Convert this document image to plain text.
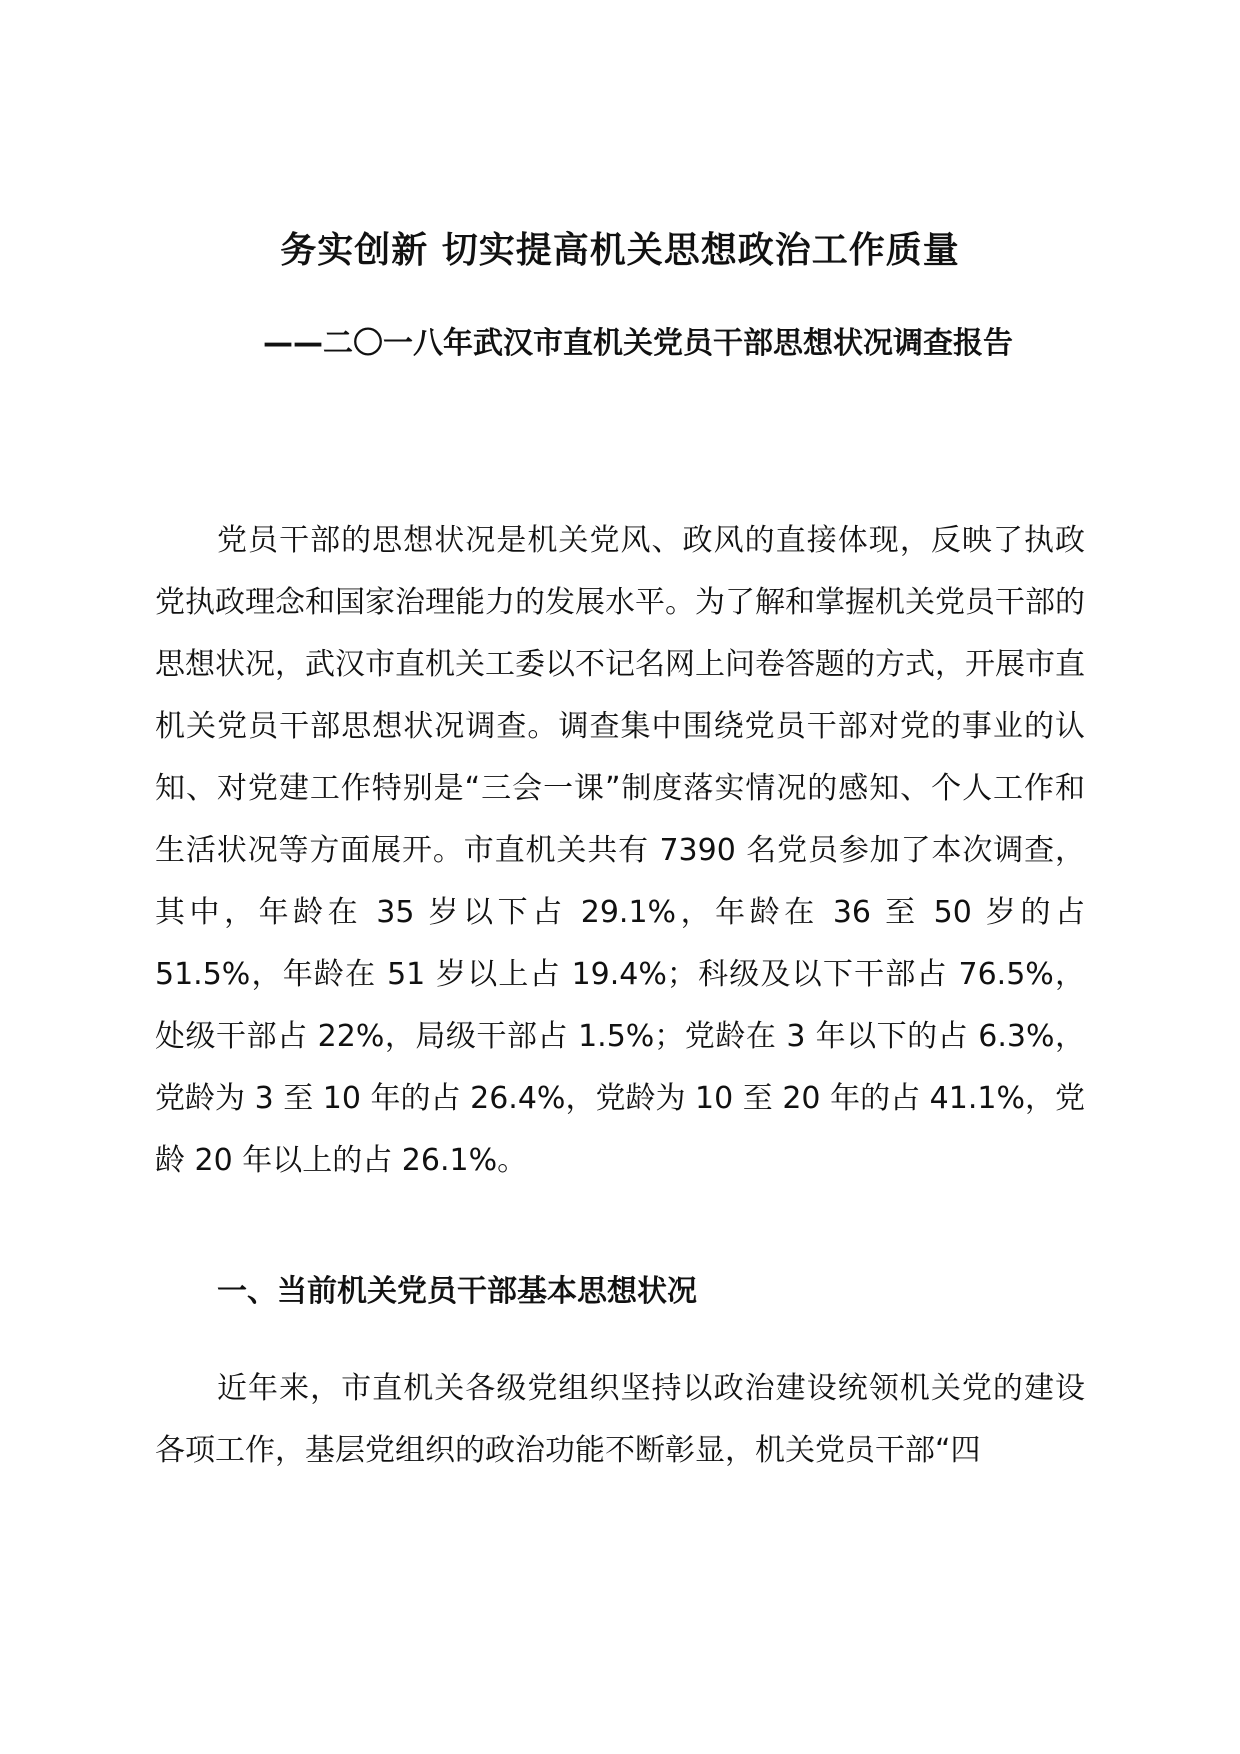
务实创新 切实提高机关思想政治工作质量
——二〇一八年武汉市直机关党员干部思想状况调查报告

党员干部的思想状况是机关党风、政风的直接体现，反映了执政党执政理念和国家治理能力的发展水平。为了解和掌握机关党员干部的思想状况，武汉市直机关工委以不记名网上问卷答题的方式，开展市直机关党员干部思想状况调查。调查集中围绕党员干部对党的事业的认知、对党建工作特别是“三会一课”制度落实情况的感知、个人工作和生活状况等方面展开。市直机关共有 7390 名党员参加了本次调查，其中，年龄在 35 岁以下占 29.1%，年龄在 36 至 50 岁的占 51.5%，年龄在 51 岁以上占 19.4%；科级及以下干部占 76.5%，处级干部占 22%，局级干部占 1.5%；党龄在 3 年以下的占 6.3%，党龄为 3 至 10 年的占 26.4%，党龄为 10 至 20 年的占 41.1%，党龄 20 年以上的占 26.1%。

一、当前机关党员干部基本思想状况

近年来，市直机关各级党组织坚持以政治建设统领机关党的建设各项工作，基层党组织的政治功能不断彰显，机关党员干部“四
